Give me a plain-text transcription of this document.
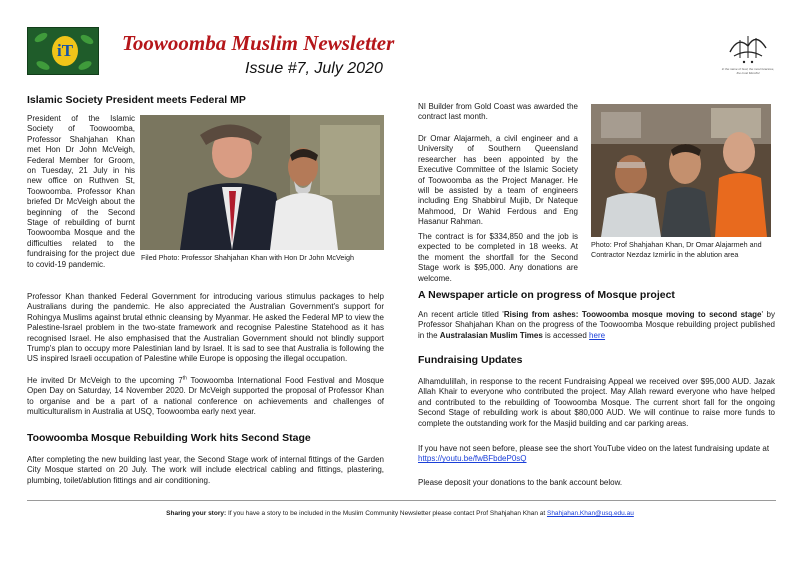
iT Toowoomba Muslim Newsletter
Issue #7, July 2020	In the name of God, the most Gracious, the most Merciful
Islamic Society President meets Federal MP
President of the Islamic Society of Toowoomba, Professor Shahjahan Khan met Hon Dr John McVeigh, Federal Member for Groom, on Tuesday, 21 July in his new office on Ruthven St, Toowoomba. Professor Khan briefed Dr McVeigh about the beginning of the Second Stage of rebuilding of burnt Toowoomba Mosque and the difficulties related to the fundraising for the project due to covid-19 pandemic.
Filed Photo: Professor Shahjahan Khan with Hon Dr John McVeigh
Professor Khan thanked Federal Government for introducing various stimulus packages to help Australians during the pandemic. He also appreciated the Australian Government's support for Rohingya Muslims against brutal ethnic cleansing by Myanmar. He asked the Federal MP to view the Palestine-Israel problem in the two-state framework and recognise Palestine Statehood as it has recognised Israel. He also emphasised that the Australian Government should not blindly support Trump's plan to occupy more Palestinian land by Israel. It is sad to see that Australia is following the US inspired Israeli occupation of Palestine while Europe is opposing the illegal occupation.
He invited Dr McVeigh to the upcoming 7th Toowoomba International Food Festival and Mosque Open Day on Saturday, 14 November 2020. Dr McVeigh supported the proposal of Professor Khan to organise and be a part of a national conference on achievements and challenges of multiculturalism in Australia at USQ, Toowoomba early next year.
Toowoomba Mosque Rebuilding Work hits Second Stage
After completing the new building last year, the Second Stage work of internal fittings of the Garden City Mosque started on 20 July. The work will include electrical cabling and fittings, plastering, plumbing, toilet/ablution fittings and air conditioning.
NI Builder from Gold Coast was awarded the contract last month.
Dr Omar Alajarmeh, a civil engineer and a University of Southern Queensland researcher has been appointed by the Executive Committee of the Islamic Society of Toowoomba as the Project Manager. He will be assisted by a team of engineers including Eng Shabbirul Mujib, Dr Nateque Mahmood, Dr Wahid Ferdous and Eng Hasanur Rahman.
The contract is for $334,850 and the job is expected to be completed in 18 weeks. At the moment the shortfall for the Second Stage work is $95,000. Any donations are welcome.
Photo: Prof Shahjahan Khan, Dr Omar Alajarmeh and Contractor Nezdaz Izmirlic in the ablution area
A Newspaper article on progress of Mosque project
An recent article titled 'Rising from ashes: Toowoomba mosque moving to second stage' by Professor Shahjahan Khan on the progress of the Toowoomba Mosque rebuilding project published in the Australasian Muslim Times is accessed here
Fundraising Updates
Alhamdulillah, in response to the recent Fundraising Appeal we received over $95,000 AUD. Jazak Allah Khair to everyone who contributed the project. May Allah reward everyone who have helped and contributed to the rebuilding of Toowoomba Mosque. The current short fall for the ongoing Second Stage of rebuilding work is about $80,000 AUD. We will continue to raise more funds to complete the outstanding work for the Masjid building and car parking areas.
If you have not seen before, please see the short YouTube video on the latest fundraising update at
https://youtu.be/fwBFbdeP0sQ
Please deposit your donations to the bank account below.
Sharing your story: If you have a story to be included in the Muslim Community Newsletter please contact Prof Shahjahan Khan at Shahjahan.Khan@usq.edu.au
